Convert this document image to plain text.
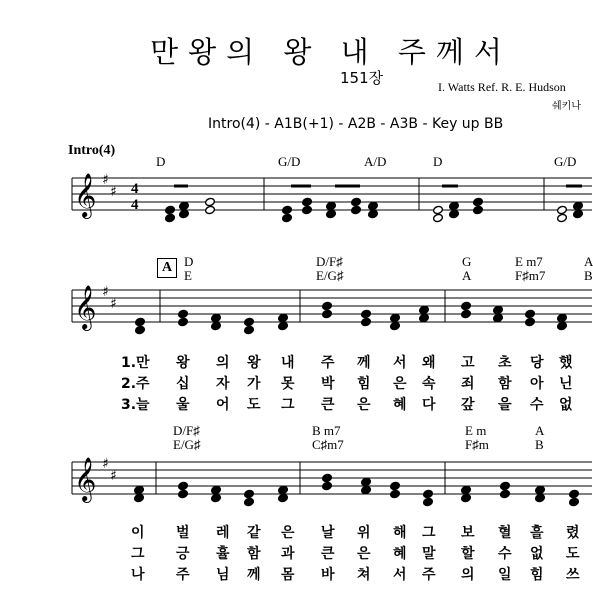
만왕의 왕 내 주께서
151장	I. Watts Ref. R. E. Hudson
쉐키나
Intro(4) - A1B(+1) - A2B - A3B - Key up BB
Intro(4)
D	G/D	A/D	D	G/D
A D
E
D/F♯
E/G♯
G
A
E m7
F♯m7
A
B
D/F♯
E/G♯
B m7
C♯m7
E m
F♯m
A
B
1.만 왕 의 왕 내 주 께 서 왜 고 초 당 했
2.주 십 자 가 못 박 힘 은 속 죄 함 아 닌
3.늘 울 어 도 그 큰 은 혜 다 갚 을 수 없
이 벌 레 같 은 날 위 해 그 보 혈 흘 렸
그 긍 휼 함 과 큰 은 혜 말 할 수 없 도
나 주 님 께 몸 바 쳐 서 주 의 일 힘 쓰
𝄞 ♯
♯ 4
4
𝄞 ♯
♯
𝄞 ♯
♯
